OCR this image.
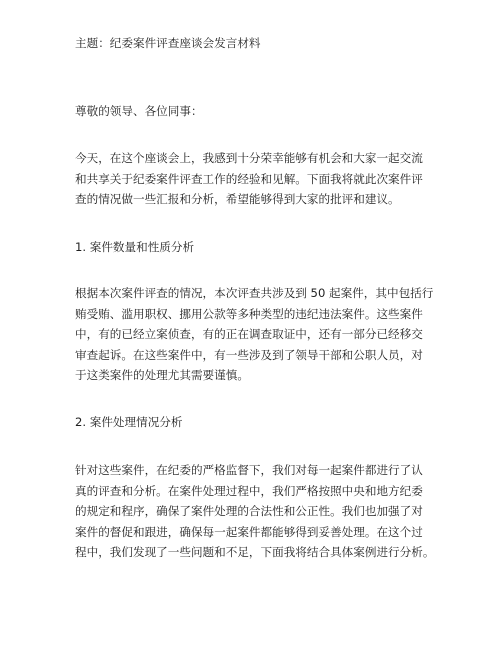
主题：纪委案件评查座谈会发言材料
尊敬的领导、各位同事：
今天，在这个座谈会上，我感到十分荣幸能够有机会和大家一起交流
和共享关于纪委案件评查工作的经验和见解。下面我将就此次案件评
查的情况做一些汇报和分析，希望能够得到大家的批评和建议。
1. 案件数量和性质分析
根据本次案件评查的情况，本次评查共涉及到 50 起案件，其中包括行
贿受贿、滥用职权、挪用公款等多种类型的违纪违法案件。这些案件
中，有的已经立案侦查，有的正在调查取证中，还有一部分已经移交
审查起诉。在这些案件中，有一些涉及到了领导干部和公职人员，对
于这类案件的处理尤其需要谨慎。
2. 案件处理情况分析
针对这些案件，在纪委的严格监督下，我们对每一起案件都进行了认
真的评查和分析。在案件处理过程中，我们严格按照中央和地方纪委
的规定和程序，确保了案件处理的合法性和公正性。我们也加强了对
案件的督促和跟进，确保每一起案件都能够得到妥善处理。在这个过
程中，我们发现了一些问题和不足，下面我将结合具体案例进行分析。
